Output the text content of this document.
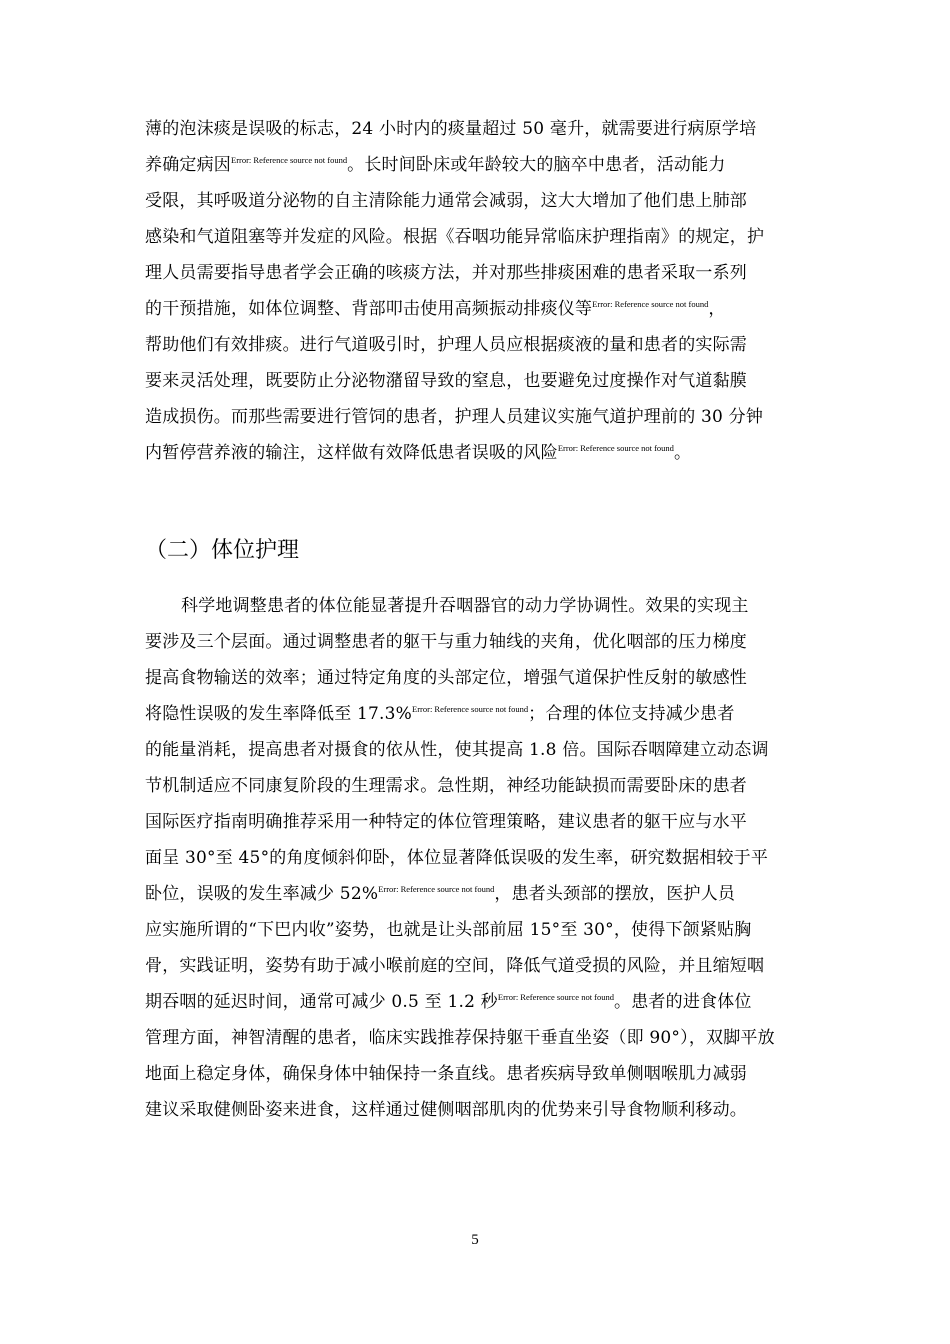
薄的泡沫痰是误吸的标志，24 小时内的痰量超过 50 毫升，就需要进行病原学培
养确定病因$^{Error: Reference source not found}$。长时间卧床或年龄较大的脑卒中患者，活动能力
受限，其呼吸道分泌物的自主清除能力通常会减弱，这大大增加了他们患上肺部
感染和气道阻塞等并发症的风险。根据《吞咽功能异常临床护理指南》的规定，护
理人员需要指导患者学会正确的咳痰方法，并对那些排痰困难的患者采取一系列
的干预措施，如体位调整、背部叩击使用高频振动排痰仪等$^{Error: Reference source not found}$，
帮助他们有效排痰。进行气道吸引时，护理人员应根据痰液的量和患者的实际需
要来灵活处理，既要防止分泌物潴留导致的窒息，也要避免过度操作对气道黏膜
造成损伤。而那些需要进行管饲的患者，护理人员建议实施气道护理前的 30 分钟
内暂停营养液的输注，这样做有效降低患者误吸的风险$^{Error: Reference source not found}$。
（二）体位护理
科学地调整患者的体位能显著提升吞咽器官的动力学协调性。效果的实现主
要涉及三个层面。通过调整患者的躯干与重力轴线的夹角，优化咽部的压力梯度
提高食物输送的效率；通过特定角度的头部定位，增强气道保护性反射的敏感性
将隐性误吸的发生率降低至 17.3%$^{Error: Reference source not found}$；合理的体位支持减少患者
的能量消耗，提高患者对摄食的依从性，使其提高 1.8 倍。国际吞咽障建立动态调
节机制适应不同康复阶段的生理需求。急性期，神经功能缺损而需要卧床的患者
国际医疗指南明确推荐采用一种特定的体位管理策略，建议患者的躯干应与水平
面呈 30°至 45°的角度倾斜仰卧，体位显著降低误吸的发生率，研究数据相较于平
卧位，误吸的发生率减少 52%$^{Error: Reference source not found}$，患者头颈部的摆放，医护人员
应实施所谓的“下巴内收”姿势，也就是让头部前屈 15°至 30°，使得下颌紧贴胸
骨，实践证明，姿势有助于减小喉前庭的空间，降低气道受损的风险，并且缩短咽
期吞咽的延迟时间，通常可减少 0.5 至 1.2 秒$^{Error: Reference source not found}$。患者的进食体位
管理方面，神智清醒的患者，临床实践推荐保持躯干垂直坐姿（即 90°），双脚平放
地面上稳定身体，确保身体中轴保持一条直线。患者疾病导致单侧咽喉肌力减弱
建议采取健侧卧姿来进食，这样通过健侧咽部肌肉的优势来引导食物顺利移动。
5
